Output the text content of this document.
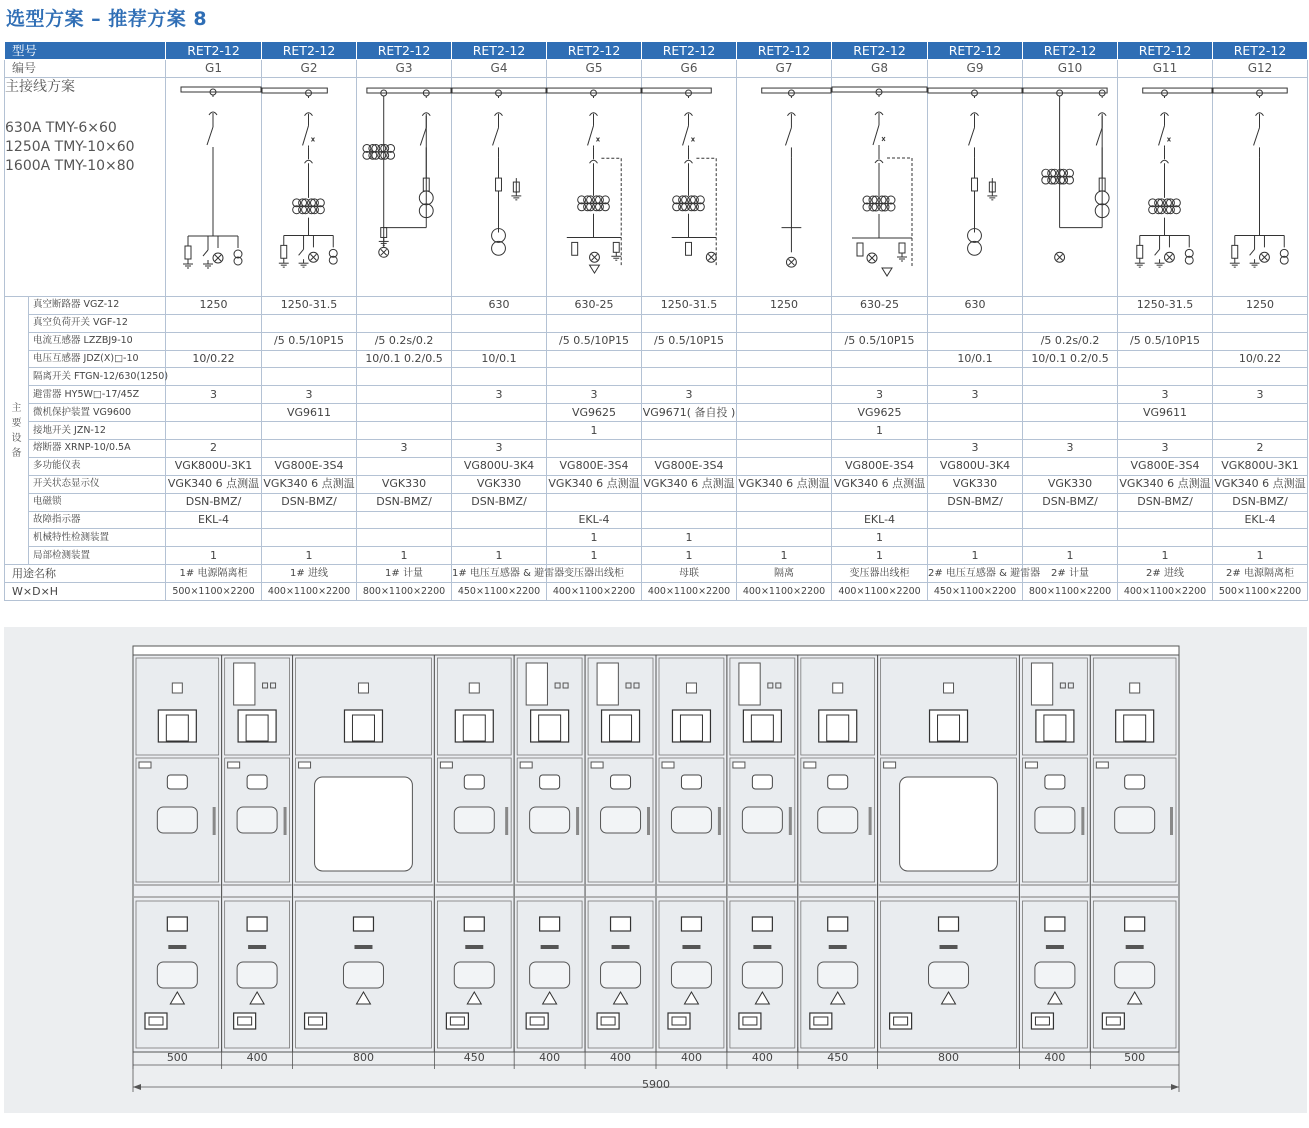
选型方案 – 推荐方案 8
型号		RET2-12	RET2-12	RET2-12	RET2-12	RET2-12	RET2-12	RET2-12	RET2-12	RET2-12	RET2-12	RET2-12	RET2-12
编号		G1	G2	G3	G4	G5	G6	G7	G8	G9	G10	G11	G12

主接线方案
630A TMY-6×60
1250A TMY-10×60
1600A TMY-10×80

主
要
设
备	真空断路器 VGZ-12	1250	1250-31.5		630	630-25	1250-31.5	1250	630-25	630		1250-31.5	1250
	真空负荷开关 VGF-12												
	电流互感器 LZZBJ9-10		/5 0.5/10P15	/5 0.2s/0.2		/5 0.5/10P15	/5 0.5/10P15		/5 0.5/10P15		/5 0.2s/0.2	/5 0.5/10P15	
	电压互感器 JDZ(X)□-10	10/0.22		10/0.1 0.2/0.5	10/0.1					10/0.1	10/0.1 0.2/0.5		10/0.22
	隔离开关 FTGN-12/630(1250)												
	避雷器 HY5W□-17/45Z	3	3		3	3	3		3	3		3	3
	微机保护装置 VG9600		VG9611			VG9625	VG9671( 备自投 )		VG9625			VG9611	
	接地开关 JZN-12					1			1				
	熔断器 XRNP-10/0.5A	2		3	3					3	3	3	2
	多功能仪表	VGK800U-3K1	VG800E-3S4		VG800U-3K4	VG800E-3S4	VG800E-3S4		VG800E-3S4	VG800U-3K4		VG800E-3S4	VGK800U-3K1
	开关状态显示仪	VGK340 6 点测温	VGK340 6 点测温	VGK330	VGK330	VGK340 6 点测温	VGK340 6 点测温	VGK340 6 点测温	VGK340 6 点测温	VGK330	VGK330	VGK340 6 点测温	VGK340 6 点测温
	电磁锁	DSN-BMZ/	DSN-BMZ/	DSN-BMZ/	DSN-BMZ/					DSN-BMZ/	DSN-BMZ/	DSN-BMZ/	DSN-BMZ/
	故障指示器	EKL-4				EKL-4			EKL-4				EKL-4
	机械特性检测装置					1	1		1				
	局部检测装置	1	1	1	1	1	1	1	1	1	1	1	1
用途名称		1# 电源隔离柜	1# 进线	1# 计量	1# 电压互感器 & 避雷器	变压器出线柜	母联	隔离	变压器出线柜	2# 电压互感器 & 避雷器	2# 计量	2# 进线	2# 电源隔离柜
W×D×H		500×1100×2200	400×1100×2200	800×1100×2200	450×1100×2200	400×1100×2200	400×1100×2200	400×1100×2200	400×1100×2200	450×1100×2200	800×1100×2200	400×1100×2200	500×1100×2200
500	400	800	450	400	400	400	400	450	800	400	500
5900
